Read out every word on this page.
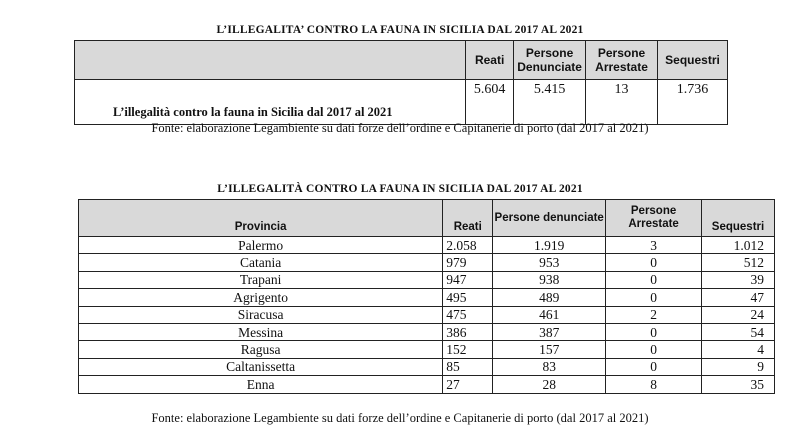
L’ILLEGALITA’ CONTRO LA FAUNA IN SICILIA DAL 2017 AL 2021
	Reati	Persone Denunciate	Persone Arrestate	Sequestri
L’illegalità contro la fauna in Sicilia dal 2017 al 2021	5.604	5.415	13	1.736
Fonte: elaborazione Legambiente su dati forze dell’ordine e Capitanerie di porto (dal 2017 al 2021)
L’ILLEGALITÀ CONTRO LA FAUNA IN SICILIA DAL 2017 AL 2021
Provincia	Reati	Persone denunciate	Persone Arrestate	Sequestri
Palermo	2.058	1.919	3	1.012
Catania	979	953	0	512
Trapani	947	938	0	39
Agrigento	495	489	0	47
Siracusa	475	461	2	24
Messina	386	387	0	54
Ragusa	152	157	0	4
Caltanissetta	85	83	0	9
Enna	27	28	8	35
Fonte: elaborazione Legambiente su dati forze dell’ordine e Capitanerie di porto (dal 2017 al 2021)
